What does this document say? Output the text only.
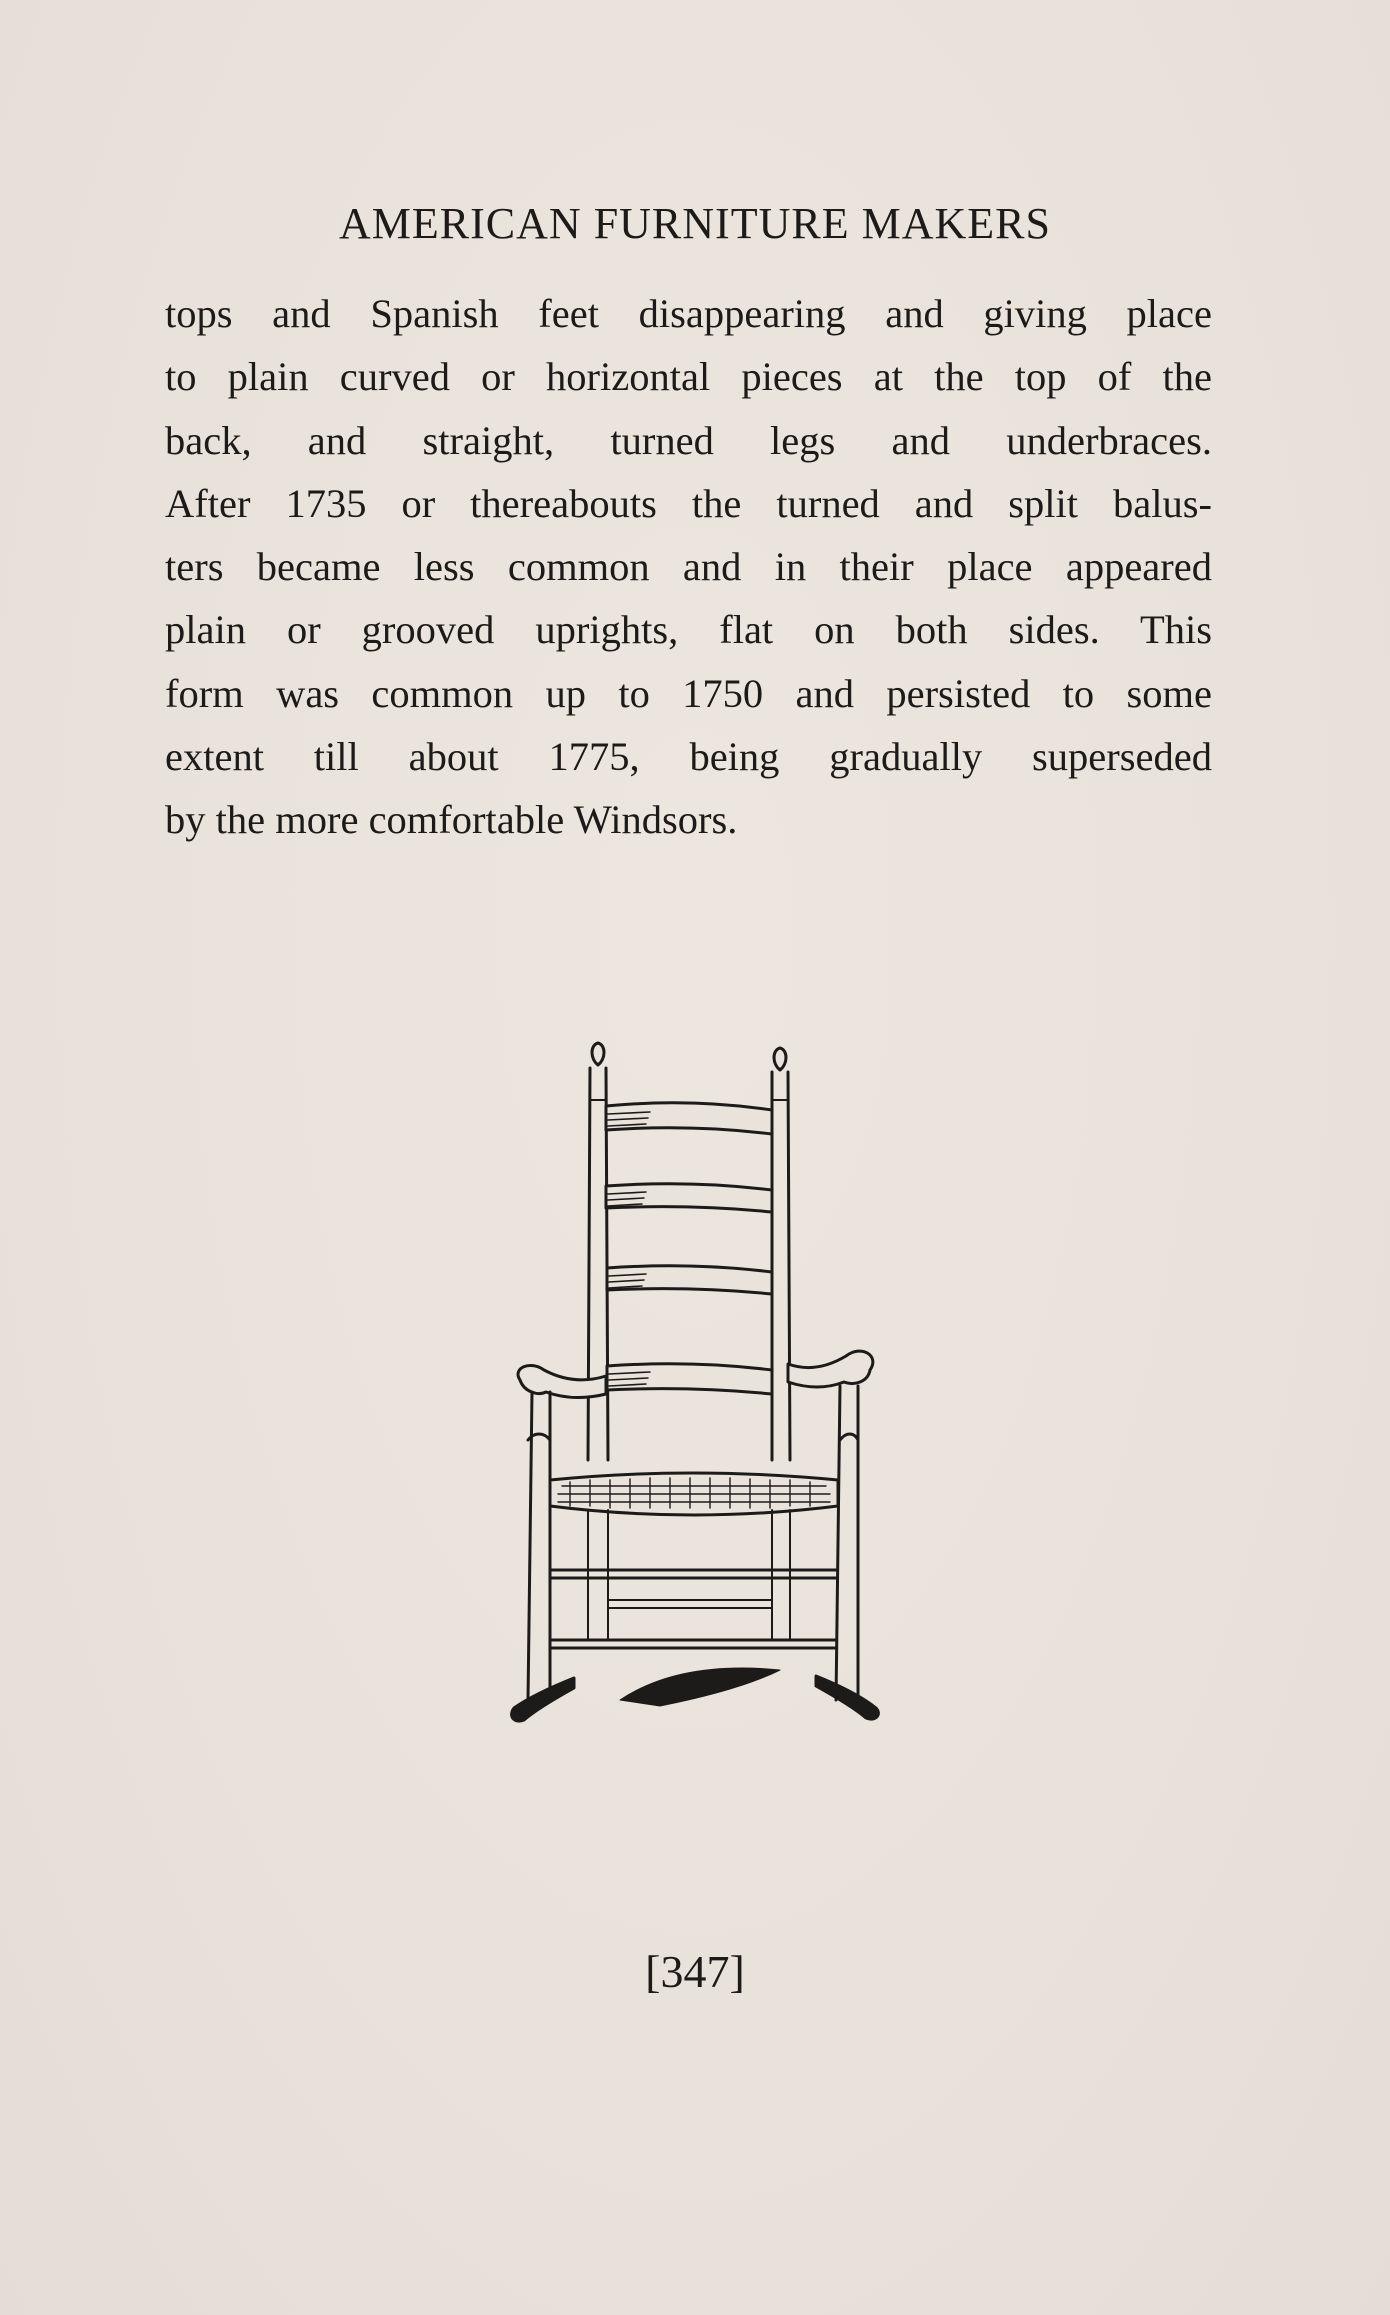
AMERICAN FURNITURE MAKERS
tops and Spanish feet disappearing and giving place
to plain curved or horizontal pieces at the top of the
back, and straight, turned legs and underbraces.
After 1735 or thereabouts the turned and split balus-
ters became less common and in their place appeared
plain or grooved uprights, flat on both sides. This
form was common up to 1750 and persisted to some
extent till about 1775, being gradually superseded
by the more comfortable Windsors.
[347]
